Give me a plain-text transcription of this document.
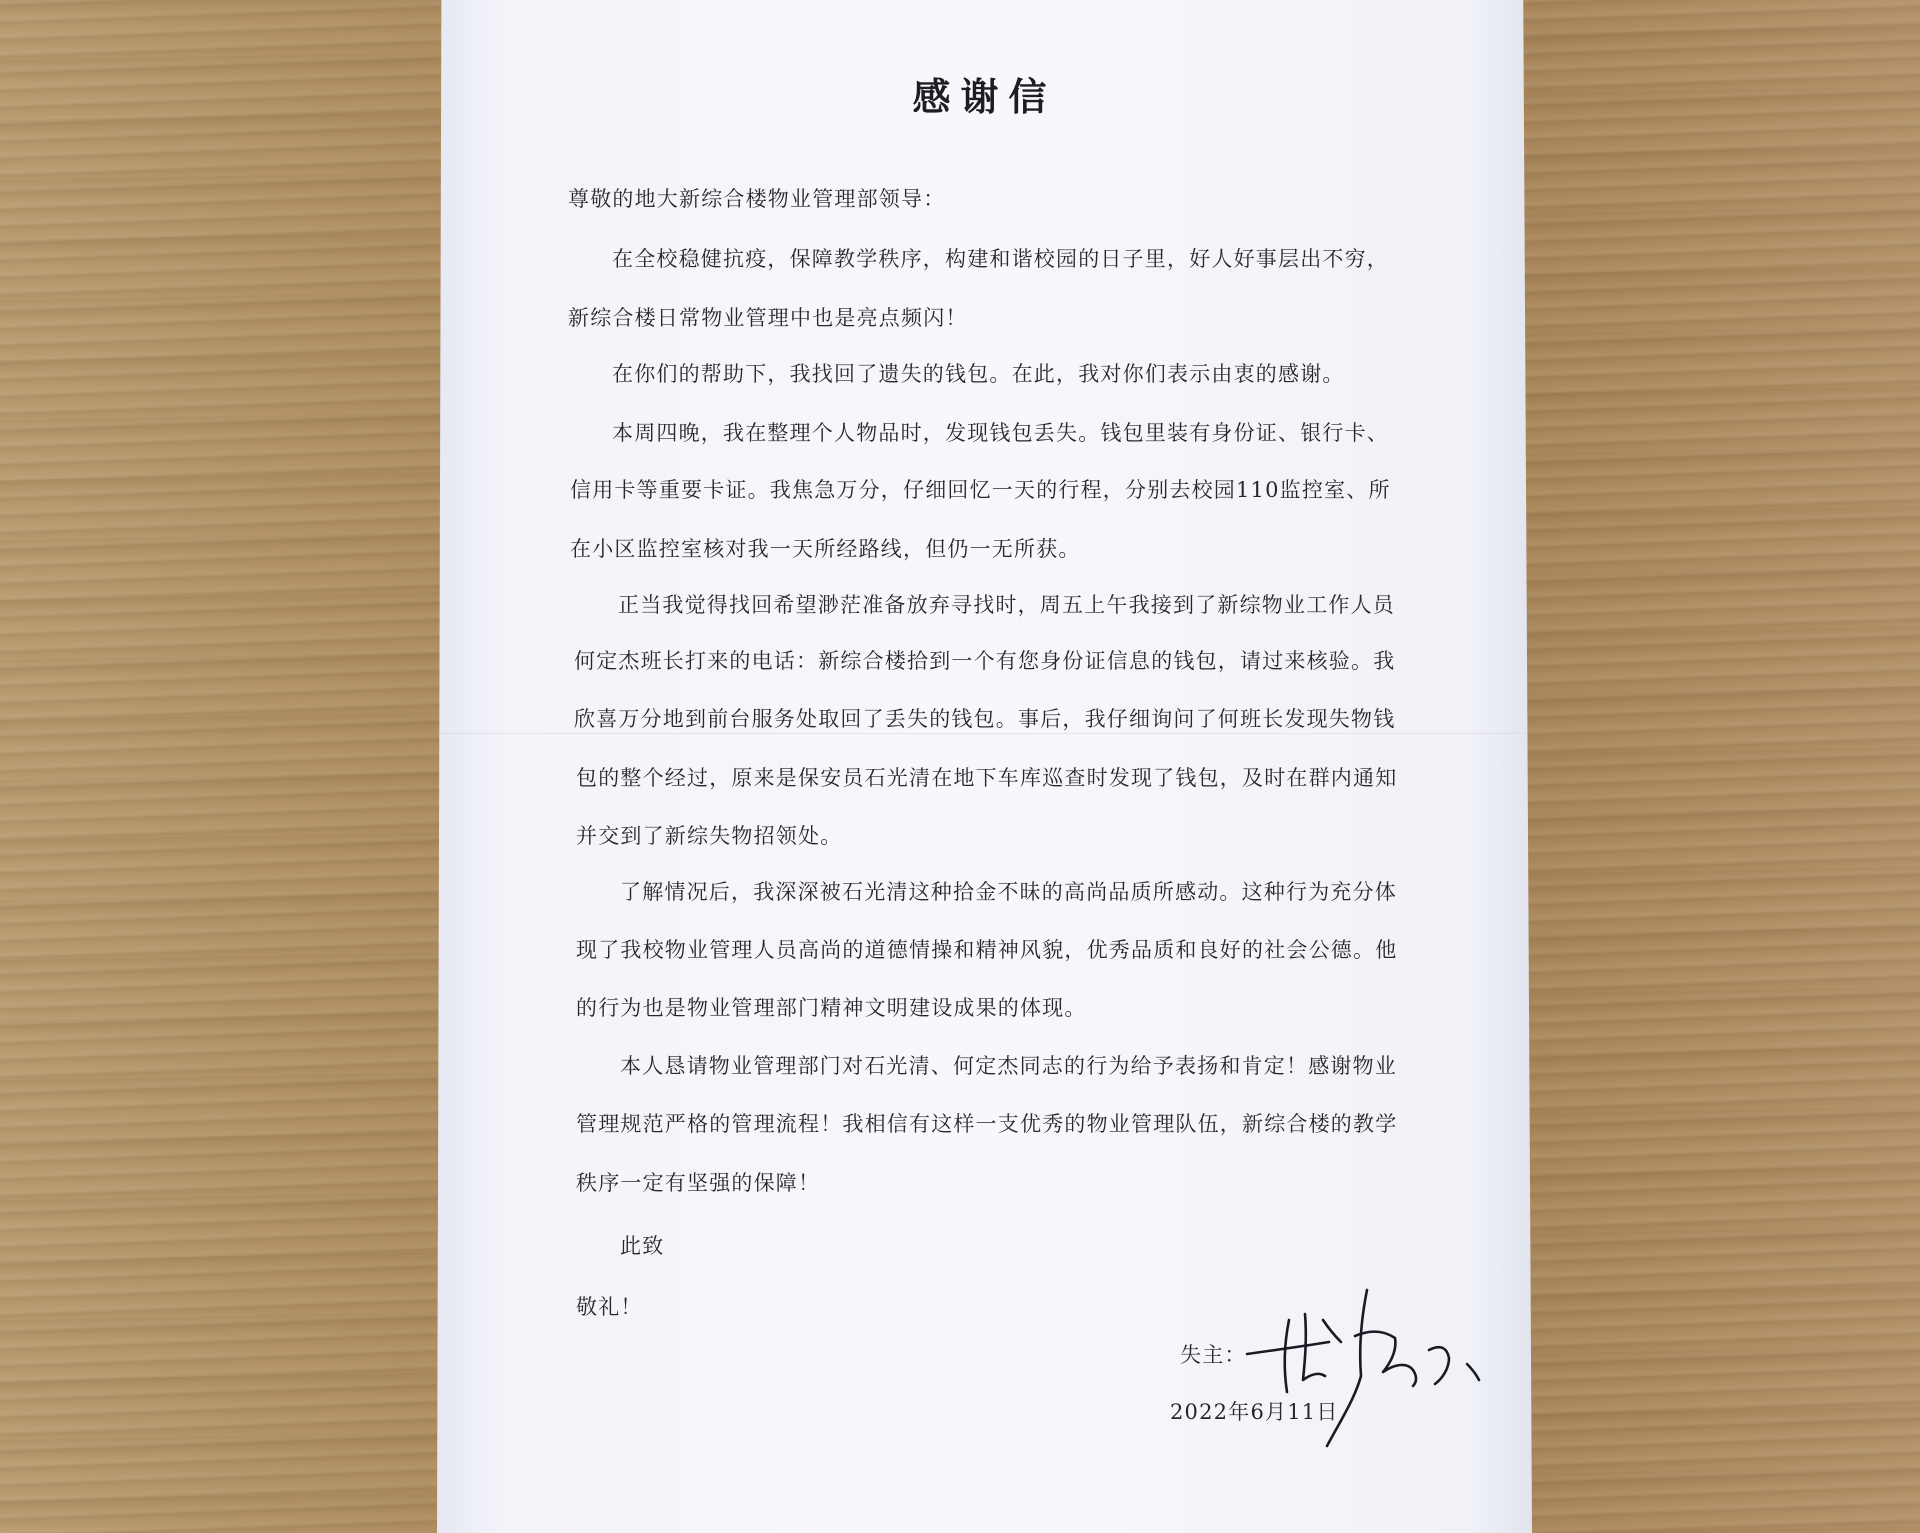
感谢信
尊敬的地大新综合楼物业管理部领导：
在全校稳健抗疫，保障教学秩序，构建和谐校园的日子里，好人好事层出不穷，
新综合楼日常物业管理中也是亮点频闪！
在你们的帮助下，我找回了遗失的钱包。在此，我对你们表示由衷的感谢。
本周四晚，我在整理个人物品时，发现钱包丢失。钱包里装有身份证、银行卡、
信用卡等重要卡证。我焦急万分，仔细回忆一天的行程，分别去校园110监控室、所
在小区监控室核对我一天所经路线，但仍一无所获。
正当我觉得找回希望渺茫准备放弃寻找时，周五上午我接到了新综物业工作人员
何定杰班长打来的电话：新综合楼拾到一个有您身份证信息的钱包，请过来核验。我
欣喜万分地到前台服务处取回了丢失的钱包。事后，我仔细询问了何班长发现失物钱
包的整个经过，原来是保安员石光清在地下车库巡查时发现了钱包，及时在群内通知
并交到了新综失物招领处。
了解情况后，我深深被石光清这种拾金不昧的高尚品质所感动。这种行为充分体
现了我校物业管理人员高尚的道德情操和精神风貌，优秀品质和良好的社会公德。他
的行为也是物业管理部门精神文明建设成果的体现。
本人恳请物业管理部门对石光清、何定杰同志的行为给予表扬和肯定！感谢物业
管理规范严格的管理流程！我相信有这样一支优秀的物业管理队伍，新综合楼的教学
秩序一定有坚强的保障！
此致
敬礼！
失主：
2022年6月11日
